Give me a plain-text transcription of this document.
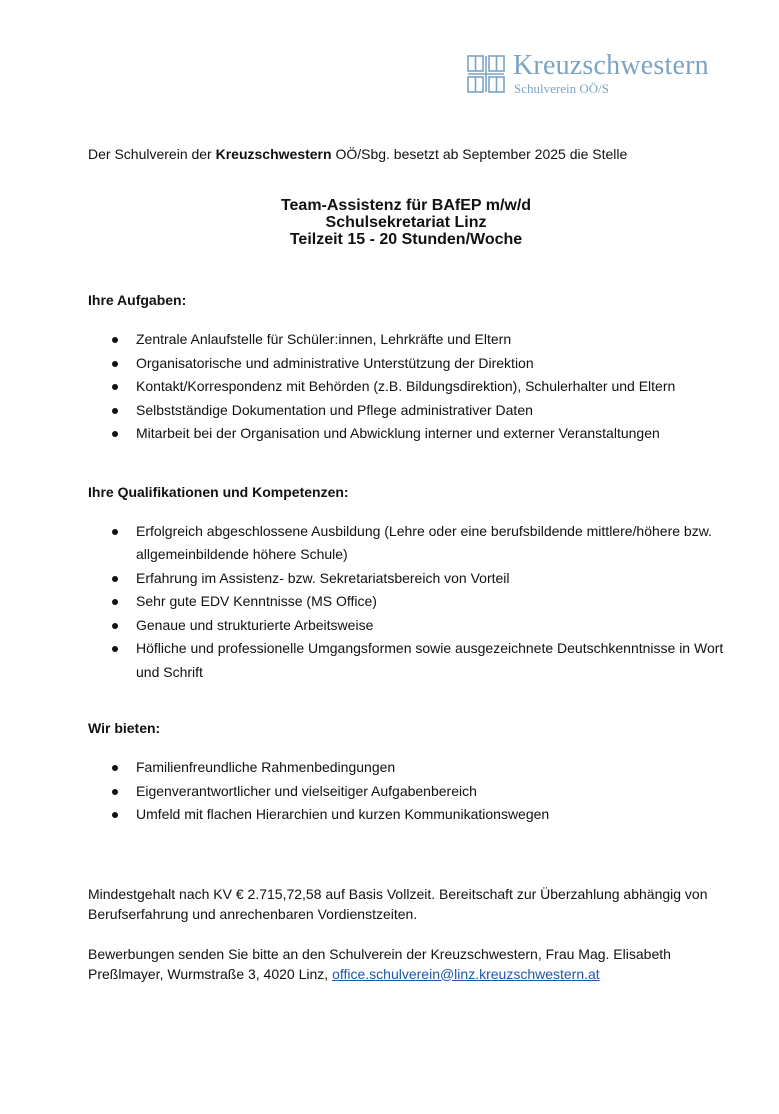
Kreuzschwestern
Schulverein OÖ/S

Der Schulverein der Kreuzschwestern OÖ/Sbg. besetzt ab September 2025 die Stelle

Team-Assistenz für BAfEP m/w/d
Schulsekretariat Linz
Teilzeit 15 - 20 Stunden/Woche
Ihre Aufgaben:
Zentrale Anlaufstelle für Schüler:innen, Lehrkräfte und Eltern
Organisatorische und administrative Unterstützung der Direktion
Kontakt/Korrespondenz mit Behörden (z.B. Bildungsdirektion), Schulerhalter und Eltern
Selbstständige Dokumentation und Pflege administrativer Daten
Mitarbeit bei der Organisation und Abwicklung interner und externer Veranstaltungen
Ihre Qualifikationen und Kompetenzen:
Erfolgreich abgeschlossene Ausbildung (Lehre oder eine berufsbildende mittlere/höhere bzw. allgemeinbildende höhere Schule)
Erfahrung im Assistenz- bzw. Sekretariatsbereich von Vorteil
Sehr gute EDV Kenntnisse (MS Office)
Genaue und strukturierte Arbeitsweise
Höfliche und professionelle Umgangsformen sowie ausgezeichnete Deutschkenntnisse in Wort und Schrift
Wir bieten:
Familienfreundliche Rahmenbedingungen
Eigenverantwortlicher und vielseitiger Aufgabenbereich
Umfeld mit flachen Hierarchien und kurzen Kommunikationswegen

Mindestgehalt nach KV € 2.715,72,58 auf Basis Vollzeit. Bereitschaft zur Überzahlung abhängig von Berufserfahrung und anrechenbaren Vordienstzeiten.

Bewerbungen senden Sie bitte an den Schulverein der Kreuzschwestern, Frau Mag. Elisabeth Preßlmayer, Wurmstraße 3, 4020 Linz, office.schulverein@linz.kreuzschwestern.at
